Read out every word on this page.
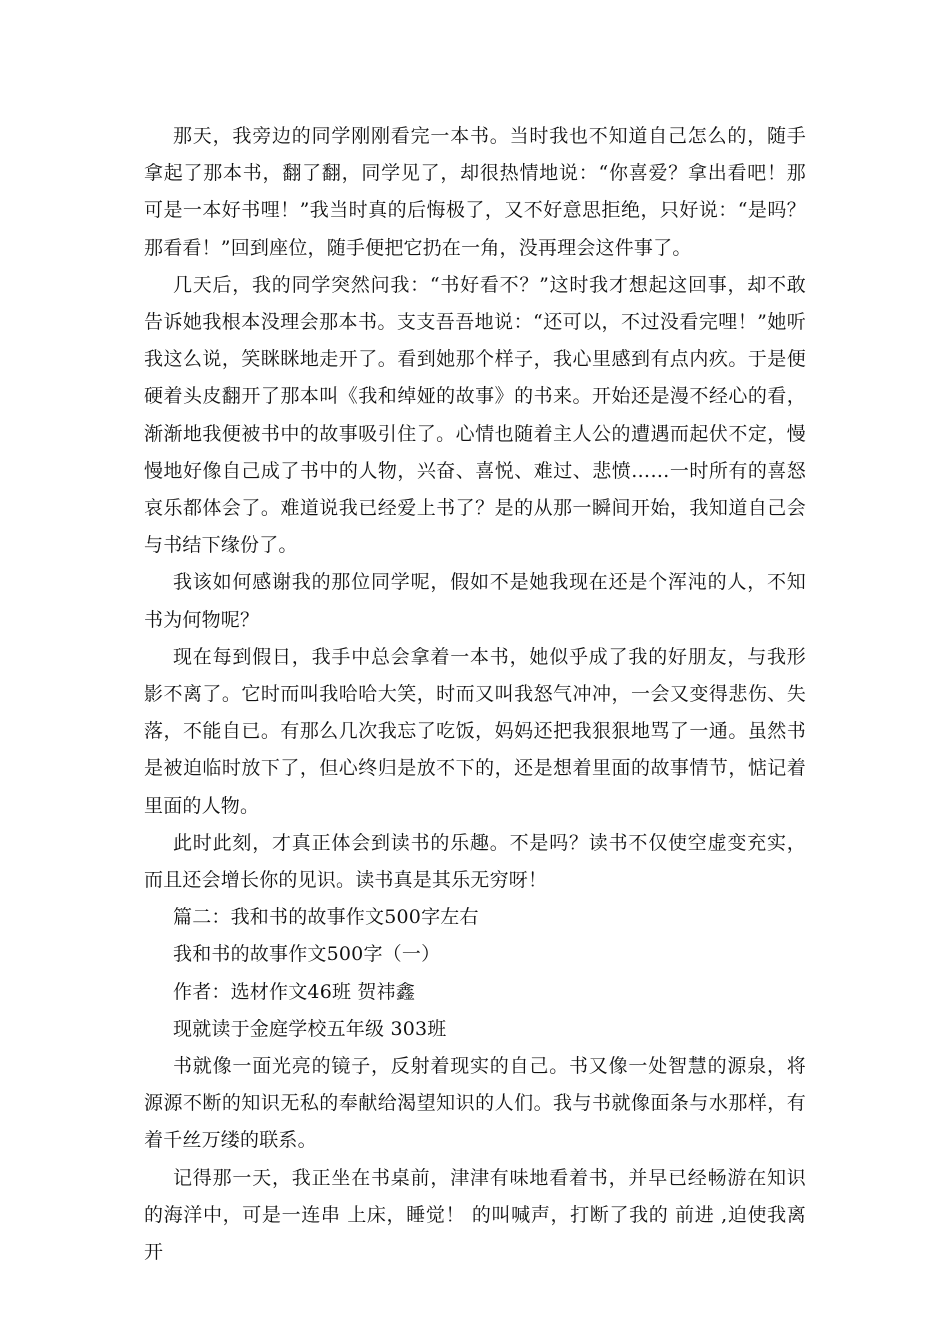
那天，我旁边的同学刚刚看完一本书。当时我也不知道自己怎么的，随手拿起了那本书，翻了翻，同学见了，却很热情地说：“你喜爱？拿出看吧！那可是一本好书哩！”我当时真的后悔极了，又不好意思拒绝，只好说：“是吗？那看看！”回到座位，随手便把它扔在一角，没再理会这件事了。

几天后，我的同学突然问我：“书好看不？”这时我才想起这回事，却不敢告诉她我根本没理会那本书。支支吾吾地说：“还可以，不过没看完哩！”她听我这么说，笑眯眯地走开了。看到她那个样子，我心里感到有点内疚。于是便硬着头皮翻开了那本叫《我和绰娅的故事》的书来。开始还是漫不经心的看，渐渐地我便被书中的故事吸引住了。心情也随着主人公的遭遇而起伏不定，慢慢地好像自己成了书中的人物，兴奋、喜悦、难过、悲愤……一时所有的喜怒哀乐都体会了。难道说我已经爱上书了？是的从那一瞬间开始，我知道自己会与书结下缘份了。

我该如何感谢我的那位同学呢，假如不是她我现在还是个浑沌的人，不知书为何物呢？

现在每到假日，我手中总会拿着一本书，她似乎成了我的好朋友，与我形影不离了。它时而叫我哈哈大笑，时而又叫我怒气冲冲，一会又变得悲伤、失落，不能自已。有那么几次我忘了吃饭，妈妈还把我狠狠地骂了一通。虽然书是被迫临时放下了，但心终归是放不下的，还是想着里面的故事情节，惦记着里面的人物。

此时此刻，才真正体会到读书的乐趣。不是吗？读书不仅使空虚变充实，而且还会增长你的见识。读书真是其乐无穷呀！

篇二：我和书的故事作文500字左右

我和书的故事作文500字（一）

作者：选材作文46班 贺祎鑫

现就读于金庭学校五年级 303班

书就像一面光亮的镜子，反射着现实的自己。书又像一处智慧的源泉，将源源不断的知识无私的奉献给渴望知识的人们。我与书就像面条与水那样，有着千丝万缕的联系。

记得那一天，我正坐在书桌前，津津有味地看着书，并早已经畅游在知识的海洋中，可是一连串 上床，睡觉！ 的叫喊声，打断了我的 前进 ,迫使我离开
